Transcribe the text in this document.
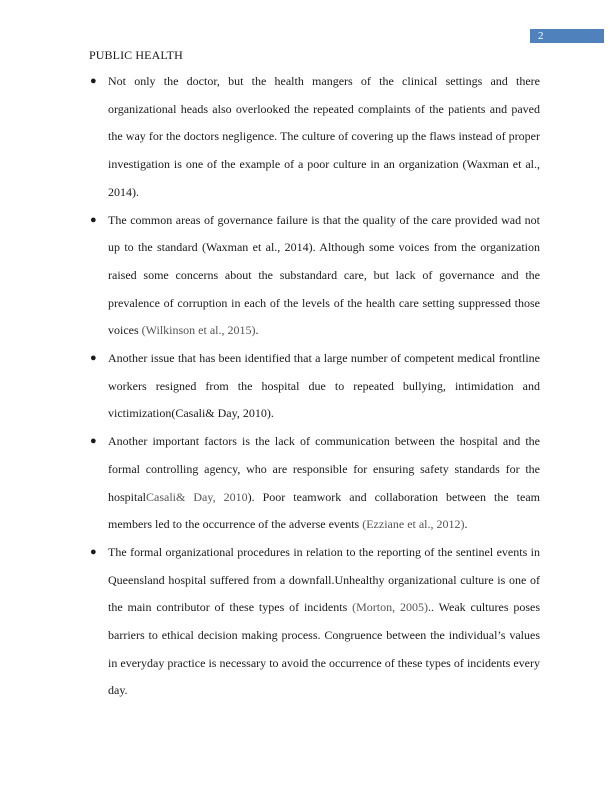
2
PUBLIC HEALTH
● Not only the doctor, but the health mangers of the clinical settings and there organizational heads also overlooked the repeated complaints of the patients and paved the way for the doctors negligence. The culture of covering up the flaws instead of proper investigation is one of the example of a poor culture in an organization (Waxman et al., 2014).
● The common areas of governance failure is that the quality of the care provided wad not up to the standard (Waxman et al., 2014). Although some voices from the organization raised some concerns about the substandard care, but lack of governance and the prevalence of corruption in each of the levels of the health care setting suppressed those voices (Wilkinson et al., 2015).
● Another issue that has been identified that a large number of competent medical frontline workers resigned from the hospital due to repeated bullying, intimidation and victimization(Casali& Day, 2010).
● Another important factors is the lack of communication between the hospital and the formal controlling agency, who are responsible for ensuring safety standards for the hospitalCasali& Day, 2010). Poor teamwork and collaboration between the team members led to the occurrence of the adverse events (Ezziane et al., 2012).
● The formal organizational procedures in relation to the reporting of the sentinel events in Queensland hospital suffered from a downfall.Unhealthy organizational culture is one of the main contributor of these types of incidents (Morton, 2005).. Weak cultures poses barriers to ethical decision making process. Congruence between the individual’s values in everyday practice is necessary to avoid the occurrence of these types of incidents every day.
